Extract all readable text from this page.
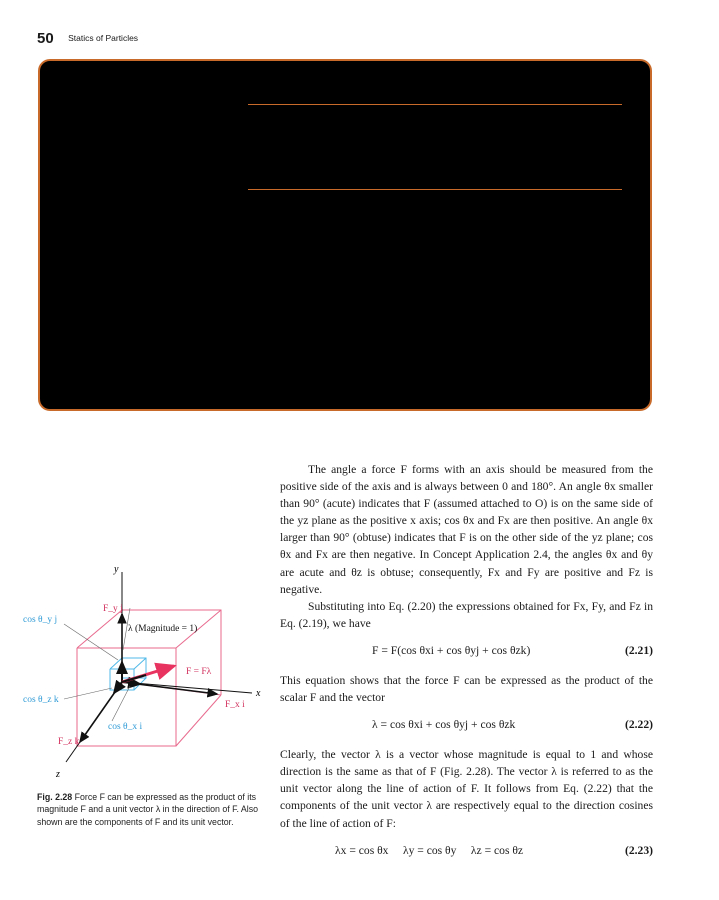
50 Statics of Particles
y
x
z
F_y j
λ (Magnitude = 1)
cos θ_y j
F = Fλ
cos θ_z k	F_x i
cos θ_x i
F_z k
Fig. 2.28 Force F can be expressed as the product of its magnitude F and a unit vector λ in the direction of F. Also shown are the components of F and its unit vector.

The angle a force F forms with an axis should be measured from the positive side of the axis and is always between 0 and 180°. An angle θx smaller than 90° (acute) indicates that F (assumed attached to O) is on the same side of the yz plane as the positive x axis; cos θx and Fx are then positive. An angle θx larger than 90° (obtuse) indicates that F is on the other side of the yz plane; cos θx and Fx are then negative. In Concept Application 2.4, the angles θx and θy are acute and θz is obtuse; consequently, Fx and Fy are positive and Fz is negative.

Substituting into Eq. (2.20) the expressions obtained for Fx, Fy, and Fz in Eq. (2.19), we have

F = F(cos θxi + cos θyj + cos θzk)	(2.21)

This equation shows that the force F can be expressed as the product of the scalar F and the vector

λ = cos θxi + cos θyj + cos θzk	(2.22)

Clearly, the vector λ is a vector whose magnitude is equal to 1 and whose direction is the same as that of F (Fig. 2.28). The vector λ is referred to as the unit vector along the line of action of F. It follows from Eq. (2.22) that the components of the unit vector λ are respectively equal to the direction cosines of the line of action of F:

λx = cos θx     λy = cos θy     λz = cos θz	(2.23)
